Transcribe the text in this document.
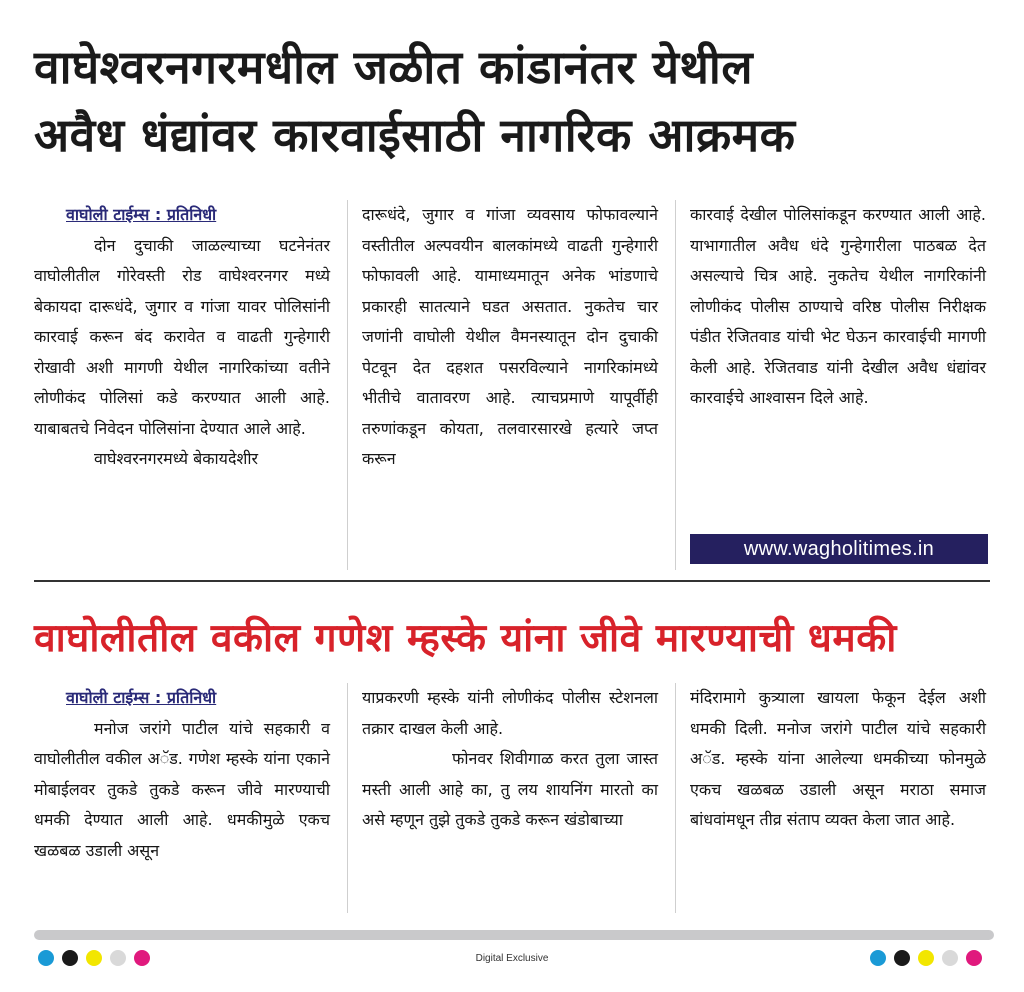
वाघेश्वरनगरमधील जळीत कांडानंतर येथील
अवैध धंद्यांवर कारवाईसाठी नागरिक आक्रमक
वाघोली टाईम्स : प्रतिनिधी

दोन दुचाकी जाळल्याच्या घटनेनंतर वाघोलीतील गोरेवस्ती रोड वाघेश्वरनगर मध्ये बेकायदा दारूधंदे, जुगार व गांजा यावर पोलिसांनी कारवाई करून बंद करावेत व वाढती गुन्हेगारी रोखावी अशी मागणी येथील नागरिकांच्या वतीने लोणीकंद पोलिसां कडे करण्यात आली आहे. याबाबतचे निवेदन पोलिसांना देण्यात आले आहे.

वाघेश्वरनगरमध्ये बेकायदेशीर

दारूधंदे, जुगार व गांजा व्यवसाय फोफावल्याने वस्तीतील अल्पवयीन बालकांमध्ये वाढती गुन्हेगारी फोफावली आहे. यामाध्यमातून अनेक भांडणाचे प्रकारही सातत्याने घडत असतात. नुकतेच चार जणांनी वाघोली येथील वैमनस्यातून दोन दुचाकी पेटवून देत दहशत पसरविल्याने नागरिकांमध्ये भीतीचे वातावरण आहे. त्याचप्रमाणे यापूर्वीही तरुणांकडून कोयता, तलवारसारखे हत्यारे जप्त करून

कारवाई देखील पोलिसांकडून करण्यात आली आहे. याभागातील अवैध धंदे गुन्हेगारीला पाठबळ देत असल्याचे चित्र आहे. नुकतेच येथील नागरिकांनी लोणीकंद पोलीस ठाण्याचे वरिष्ठ पोलीस निरीक्षक पंडीत रेजितवाड यांची भेट घेऊन कारवाईची मागणी केली आहे. रेजितवाड यांनी देखील अवैध धंद्यांवर कारवाईचे आश्वासन दिले आहे.

www.wagholitimes.in
वाघोलीतील वकील गणेश म्हस्के यांना जीवे मारण्याची धमकी
वाघोली टाईम्स : प्रतिनिधी

मनोज जरांगे पाटील यांचे सहकारी व वाघोलीतील वकील अॅड. गणेश म्हस्के यांना एकाने मोबाईलवर तुकडे तुकडे करून जीवे मारण्याची धमकी देण्यात आली आहे. धमकीमुळे एकच खळबळ उडाली असून

याप्रकरणी म्हस्के यांनी लोणीकंद पोलीस स्टेशनला तक्रार दाखल केली आहे.

फोनवर शिवीगाळ करत तुला जास्त मस्ती आली आहे का, तु लय शायनिंग मारतो का असे म्हणून तुझे तुकडे तुकडे करून खंडोबाच्या

मंदिरामागे कुत्र्याला खायला फेकून देईल अशी धमकी दिली. मनोज जरांगे पाटील यांचे सहकारी अॅड. म्हस्के यांना आलेल्या धमकीच्या फोनमुळे एकच खळबळ उडाली असून मराठा समाज बांधवांमधून तीव्र संताप व्यक्त केला जात आहे.

Digital Exclusive
